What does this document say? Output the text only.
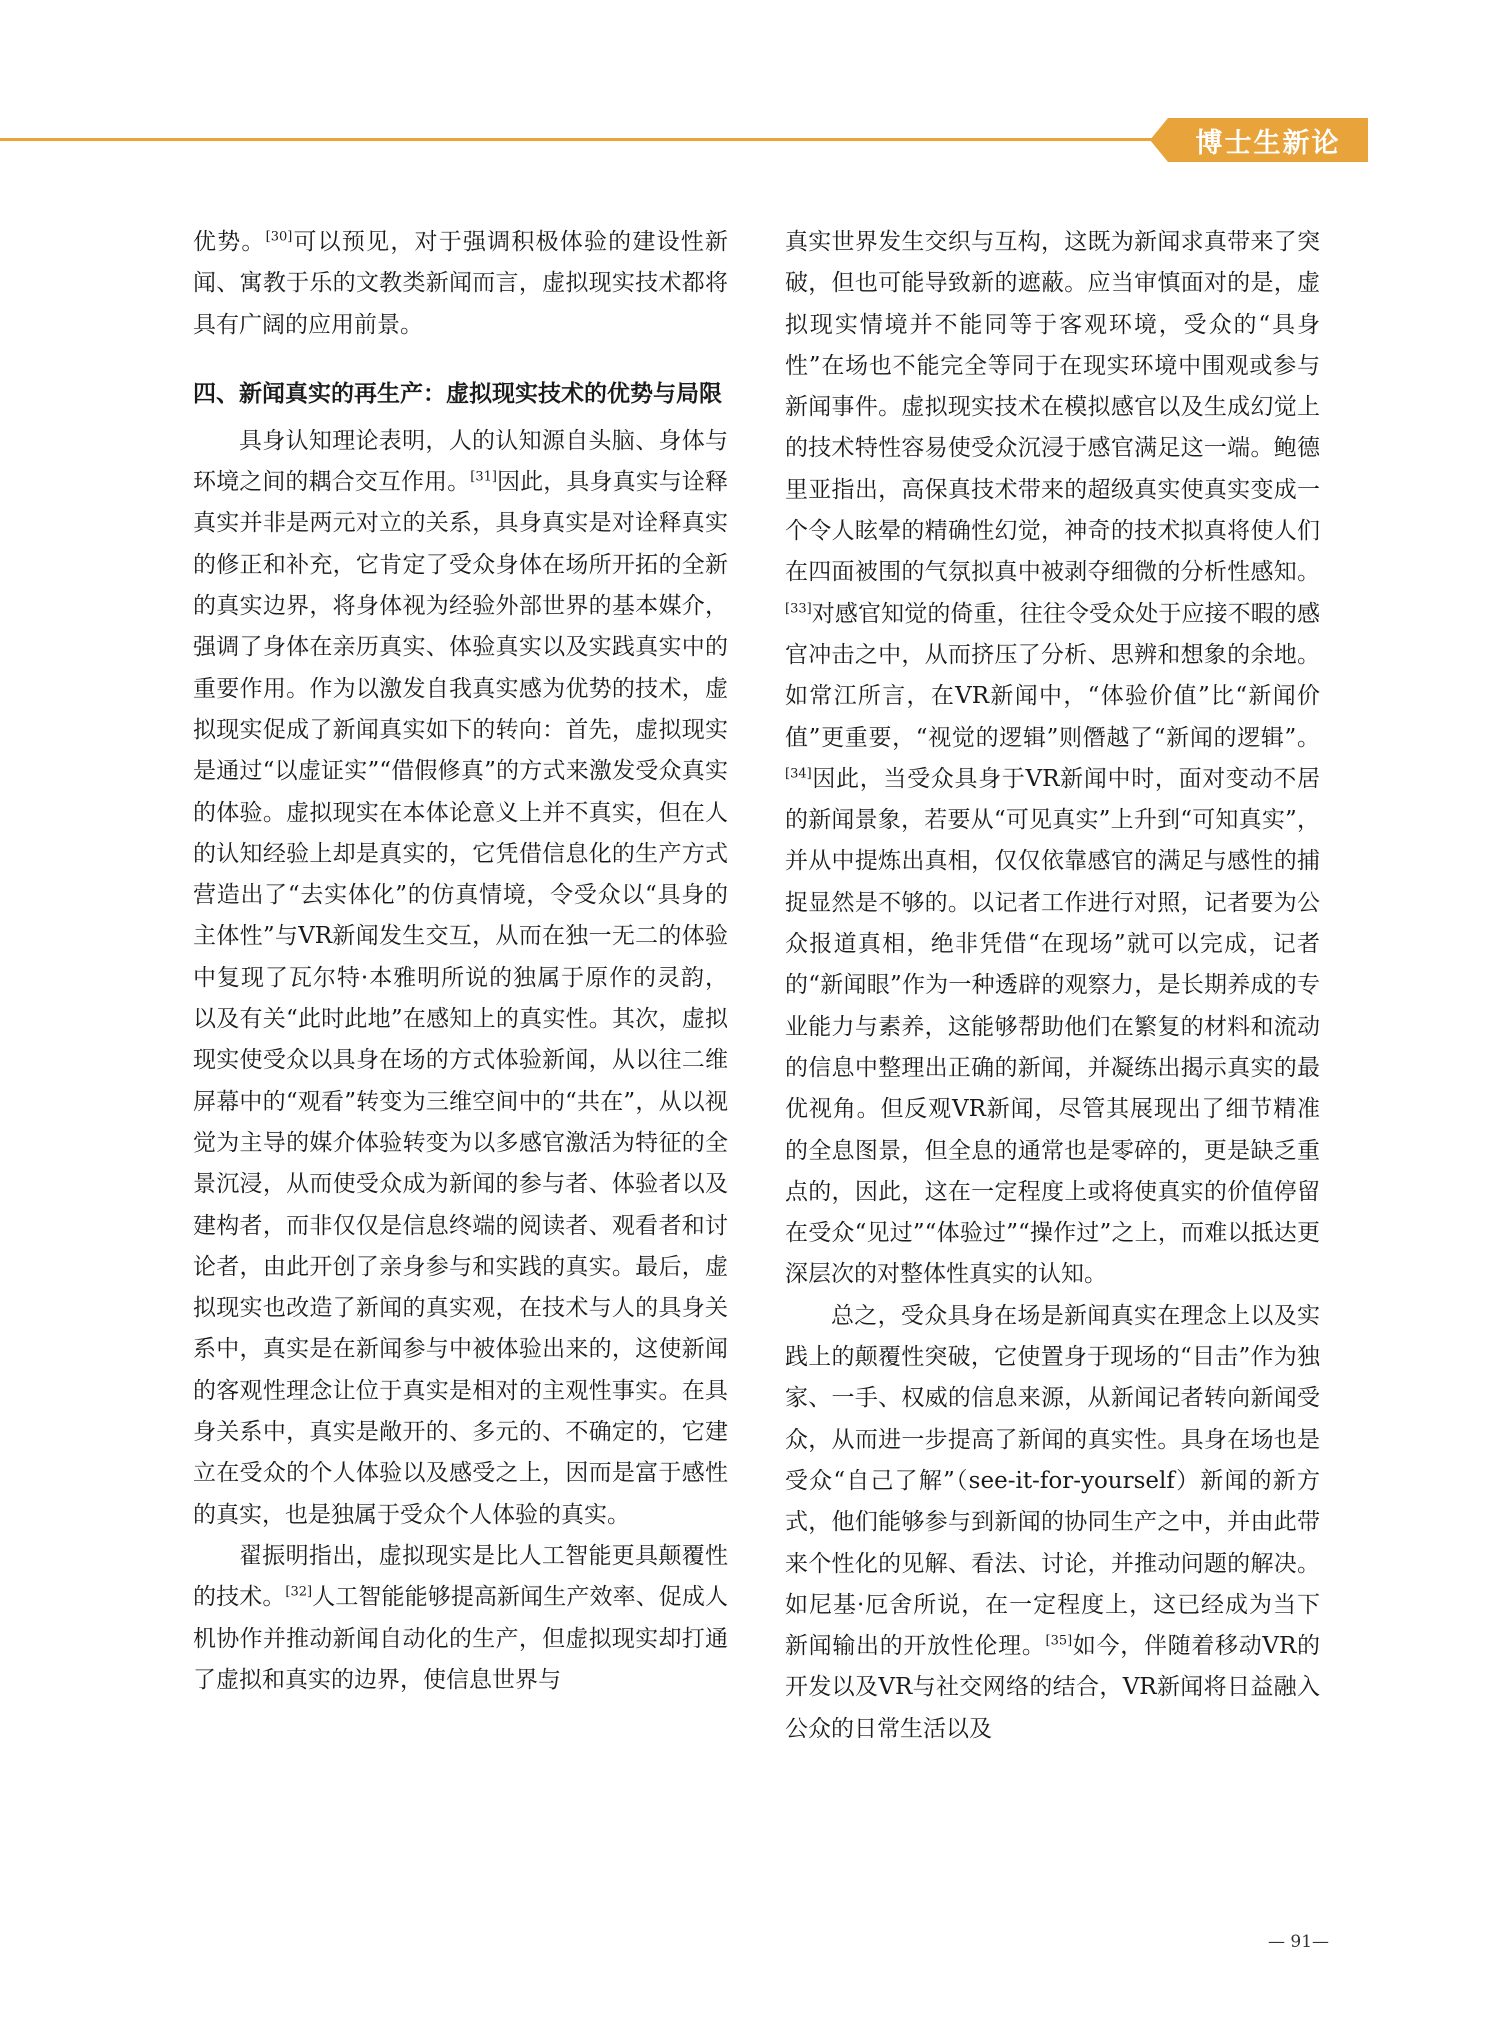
博士生新论

优势。[30]可以预见，对于强调积极体验的建设性新闻、寓教于乐的文教类新闻而言，虚拟现实技术都将具有广阔的应用前景。

四、新闻真实的再生产：虚拟现实技术的优势与局限

具身认知理论表明，人的认知源自头脑、身体与环境之间的耦合交互作用。[31]因此，具身真实与诠释真实并非是两元对立的关系，具身真实是对诠释真实的修正和补充，它肯定了受众身体在场所开拓的全新的真实边界，将身体视为经验外部世界的基本媒介，强调了身体在亲历真实、体验真实以及实践真实中的重要作用。作为以激发自我真实感为优势的技术，虚拟现实促成了新闻真实如下的转向：首先，虚拟现实是通过“以虚证实”“借假修真”的方式来激发受众真实的体验。虚拟现实在本体论意义上并不真实，但在人的认知经验上却是真实的，它凭借信息化的生产方式营造出了“去实体化”的仿真情境，令受众以“具身的主体性”与VR新闻发生交互，从而在独一无二的体验中复现了瓦尔特·本雅明所说的独属于原作的灵韵，以及有关“此时此地”在感知上的真实性。其次，虚拟现实使受众以具身在场的方式体验新闻，从以往二维屏幕中的“观看”转变为三维空间中的“共在”，从以视觉为主导的媒介体验转变为以多感官激活为特征的全景沉浸，从而使受众成为新闻的参与者、体验者以及建构者，而非仅仅是信息终端的阅读者、观看者和讨论者，由此开创了亲身参与和实践的真实。最后，虚拟现实也改造了新闻的真实观，在技术与人的具身关系中，真实是在新闻参与中被体验出来的，这使新闻的客观性理念让位于真实是相对的主观性事实。在具身关系中，真实是敞开的、多元的、不确定的，它建立在受众的个人体验以及感受之上，因而是富于感性的真实，也是独属于受众个人体验的真实。

翟振明指出，虚拟现实是比人工智能更具颠覆性的技术。[32]人工智能能够提高新闻生产效率、促成人机协作并推动新闻自动化的生产，但虚拟现实却打通了虚拟和真实的边界，使信息世界与

真实世界发生交织与互构，这既为新闻求真带来了突破，但也可能导致新的遮蔽。应当审慎面对的是，虚拟现实情境并不能同等于客观环境，受众的“具身性”在场也不能完全等同于在现实环境中围观或参与新闻事件。虚拟现实技术在模拟感官以及生成幻觉上的技术特性容易使受众沉浸于感官满足这一端。鲍德里亚指出，高保真技术带来的超级真实使真实变成一个令人眩晕的精确性幻觉，神奇的技术拟真将使人们在四面被围的气氛拟真中被剥夺细微的分析性感知。[33]对感官知觉的倚重，往往令受众处于应接不暇的感官冲击之中，从而挤压了分析、思辨和想象的余地。如常江所言，在VR新闻中，“体验价值”比“新闻价值”更重要，“视觉的逻辑”则僭越了“新闻的逻辑”。[34]因此，当受众具身于VR新闻中时，面对变动不居的新闻景象，若要从“可见真实”上升到“可知真实”，并从中提炼出真相，仅仅依靠感官的满足与感性的捕捉显然是不够的。以记者工作进行对照，记者要为公众报道真相，绝非凭借“在现场”就可以完成，记者的“新闻眼”作为一种透辟的观察力，是长期养成的专业能力与素养，这能够帮助他们在繁复的材料和流动的信息中整理出正确的新闻，并凝练出揭示真实的最优视角。但反观VR新闻，尽管其展现出了细节精准的全息图景，但全息的通常也是零碎的，更是缺乏重点的，因此，这在一定程度上或将使真实的价值停留在受众“见过”“体验过”“操作过”之上，而难以抵达更深层次的对整体性真实的认知。

总之，受众具身在场是新闻真实在理念上以及实践上的颠覆性突破，它使置身于现场的“目击”作为独家、一手、权威的信息来源，从新闻记者转向新闻受众，从而进一步提高了新闻的真实性。具身在场也是受众“自己了解”（see-it-for-yourself）新闻的新方式，他们能够参与到新闻的协同生产之中，并由此带来个性化的见解、看法、讨论，并推动问题的解决。如尼基·厄舍所说，在一定程度上，这已经成为当下新闻输出的开放性伦理。[35]如今，伴随着移动VR的开发以及VR与社交网络的结合，VR新闻将日益融入公众的日常生活以及

— 91—
